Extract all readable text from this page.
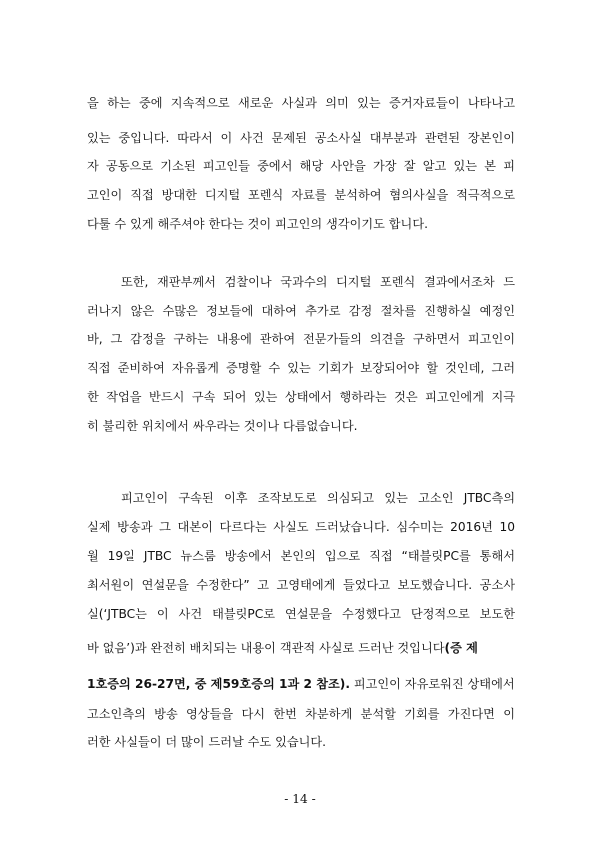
을 하는 중에 지속적으로 새로운 사실과 의미 있는 증거자료들이 나타나고
있는 중입니다. 따라서 이 사건 문제된 공소사실 대부분과 관련된 장본인이
자 공동으로 기소된 피고인들 중에서 해당 사안을 가장 잘 알고 있는 본 피
고인이 직접 방대한 디지털 포렌식 자료를 분석하여 혐의사실을 적극적으로
다툴 수 있게 해주셔야 한다는 것이 피고인의 생각이기도 합니다.
또한, 재판부께서 검찰이나 국과수의 디지털 포렌식 결과에서조차 드
러나지 않은 수많은 정보들에 대하여 추가로 감정 절차를 진행하실 예정인
바, 그 감정을 구하는 내용에 관하여 전문가들의 의견을 구하면서 피고인이
직접 준비하여 자유롭게 증명할 수 있는 기회가 보장되어야 할 것인데, 그러
한 작업을 반드시 구속 되어 있는 상태에서 행하라는 것은 피고인에게 지극
히 불리한 위치에서 싸우라는 것이나 다름없습니다.
피고인이 구속된 이후 조작보도로 의심되고 있는 고소인 JTBC측의
실제 방송과 그 대본이 다르다는 사실도 드러났습니다. 심수미는 2016년 10
월 19일 JTBC 뉴스룸 방송에서 본인의 입으로 직접 “태블릿PC를 통해서
최서원이 연설문을 수정한다” 고 고영태에게 들었다고 보도했습니다. 공소사
실(‘JTBC는 이 사건 태블릿PC로 연설문을 수정했다고 단정적으로 보도한
바 없음’)과 완전히 배치되는 내용이 객관적 사실로 드러난 것입니다(증 제
1호증의 26-27면, 중 제59호증의 1과 2 참조). 피고인이 자유로워진 상태에서
고소인측의 방송 영상들을 다시 한번 차분하게 분석할 기회를 가진다면 이
러한 사실들이 더 많이 드러날 수도 있습니다.
- 14 -
